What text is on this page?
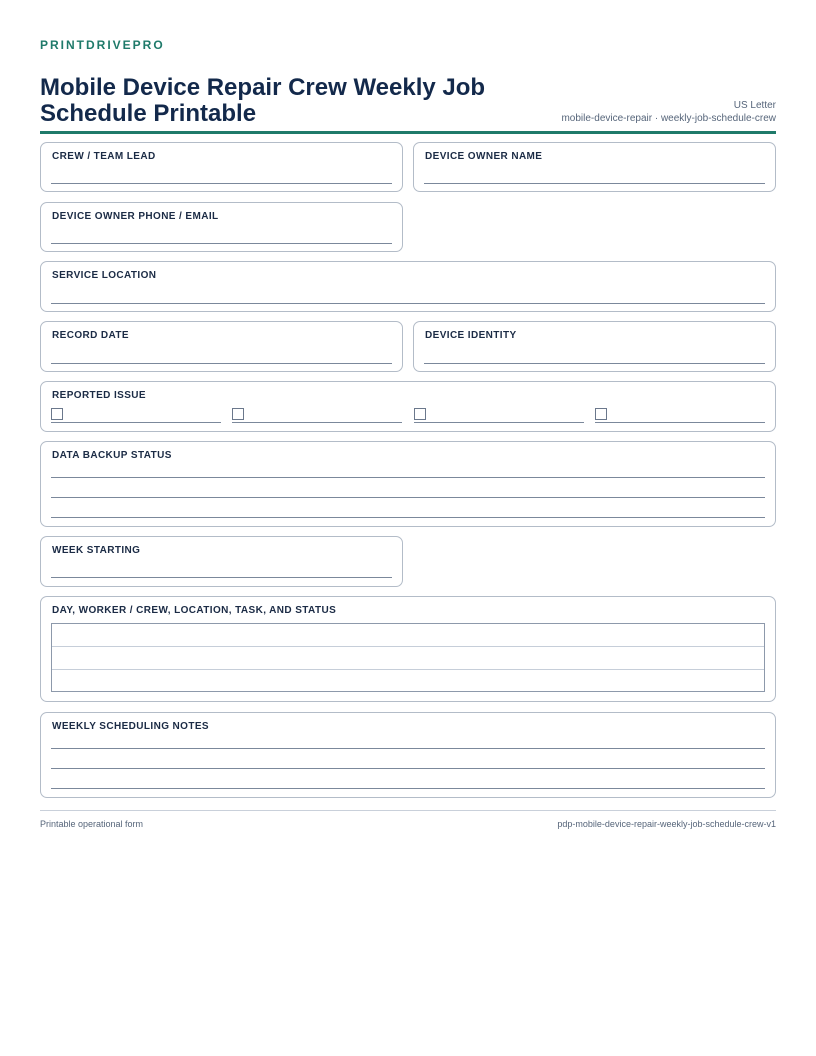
PRINTDRIVEPRO
Mobile Device Repair Crew Weekly Job Schedule Printable	US Letter
mobile-device-repair · weekly-job-schedule-crew
CREW / TEAM LEAD	DEVICE OWNER NAME
DEVICE OWNER PHONE / EMAIL
SERVICE LOCATION
RECORD DATE	DEVICE IDENTITY
REPORTED ISSUE
DATA BACKUP STATUS
WEEK STARTING
DAY, WORKER / CREW, LOCATION, TASK, AND STATUS
WEEKLY SCHEDULING NOTES
Printable operational form	pdp-mobile-device-repair-weekly-job-schedule-crew-v1
